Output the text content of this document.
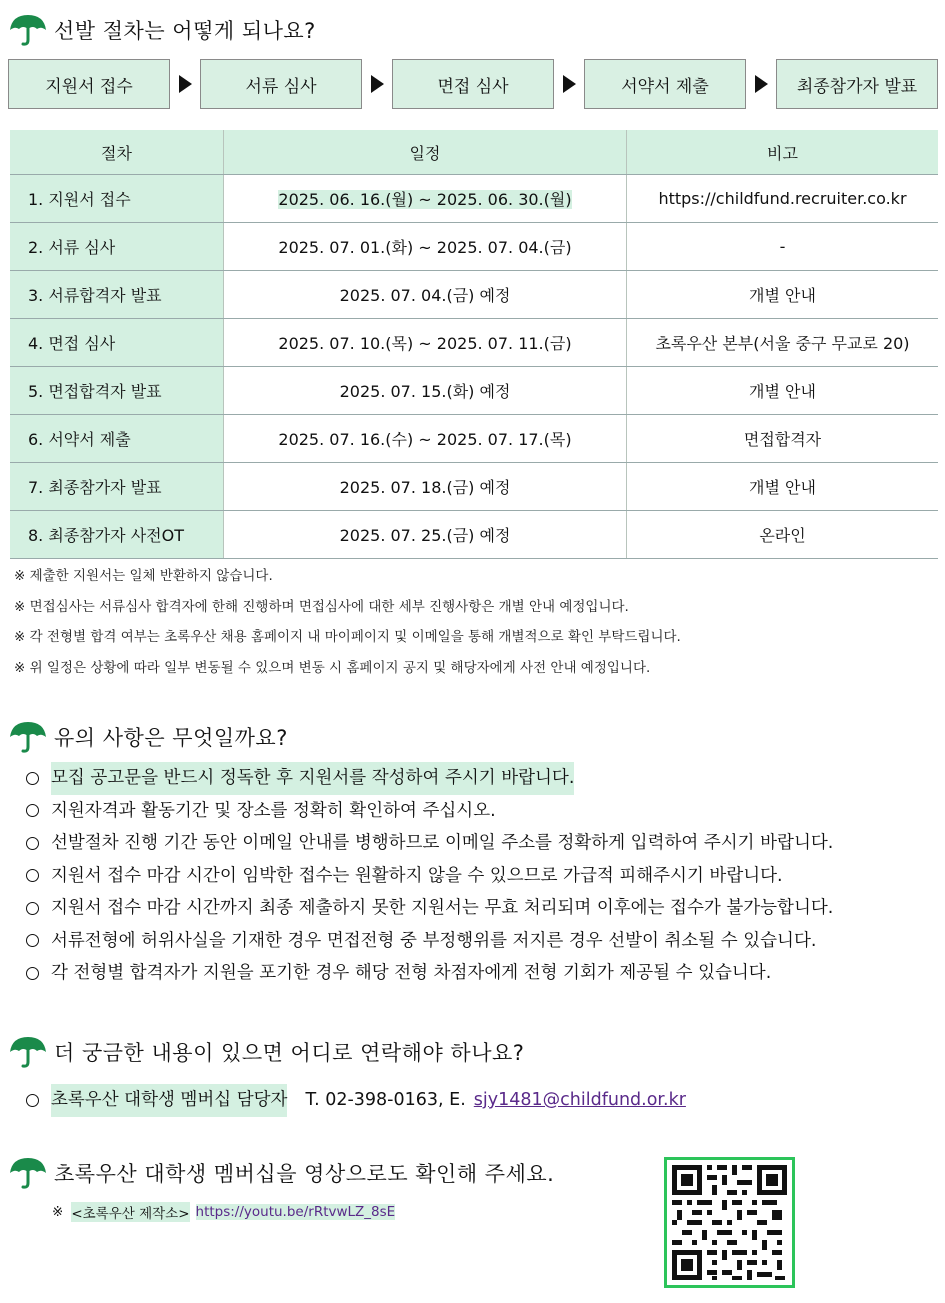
선발 절차는 어떻게 되나요?
지원서 접수	서류 심사	면접 심사	서약서 제출	최종참가자 발표
절차	일정	비고
1. 지원서 접수	2025. 06. 16.(월) ~ 2025. 06. 30.(월)	https://childfund.recruiter.co.kr
2. 서류 심사	2025. 07. 01.(화) ~ 2025. 07. 04.(금)	-
3. 서류합격자 발표	2025. 07. 04.(금) 예정	개별 안내
4. 면접 심사	2025. 07. 10.(목) ~ 2025. 07. 11.(금)	초록우산 본부(서울 중구 무교로 20)
5. 면접합격자 발표	2025. 07. 15.(화) 예정	개별 안내
6. 서약서 제출	2025. 07. 16.(수) ~ 2025. 07. 17.(목)	면접합격자
7. 최종참가자 발표	2025. 07. 18.(금) 예정	개별 안내
8. 최종참가자 사전OT	2025. 07. 25.(금) 예정	온라인
※ 제출한 지원서는 일체 반환하지 않습니다.
※ 면접심사는 서류심사 합격자에 한해 진행하며 면접심사에 대한 세부 진행사항은 개별 안내 예정입니다.
※ 각 전형별 합격 여부는 초록우산 채용 홈페이지 내 마이페이지 및 이메일을 통해 개별적으로 확인 부탁드립니다.
※ 위 일정은 상황에 따라 일부 변동될 수 있으며 변동 시 홈페이지 공지 및 해당자에게 사전 안내 예정입니다.
유의 사항은 무엇일까요?
모집 공고문을 반드시 정독한 후 지원서를 작성하여 주시기 바랍니다.
지원자격과 활동기간 및 장소를 정확히 확인하여 주십시오.
선발절차 진행 기간 동안 이메일 안내를 병행하므로 이메일 주소를 정확하게 입력하여 주시기 바랍니다.
지원서 접수 마감 시간이 임박한 접수는 원활하지 않을 수 있으므로 가급적 피해주시기 바랍니다.
지원서 접수 마감 시간까지 최종 제출하지 못한 지원서는 무효 처리되며 이후에는 접수가 불가능합니다.
서류전형에 허위사실을 기재한 경우 면접전형 중 부정행위를 저지른 경우 선발이 취소될 수 있습니다.
각 전형별 합격자가 지원을 포기한 경우 해당 전형 차점자에게 전형 기회가 제공될 수 있습니다.
더 궁금한 내용이 있으면 어디로 연락해야 하나요?
초록우산 대학생 멤버십 담당자 T. 02-398-0163, E. sjy1481@childfund.or.kr
초록우산 대학생 멤버십을 영상으로도 확인해 주세요.
※ <초록우산 제작소> https://youtu.be/rRtvwLZ_8sE
